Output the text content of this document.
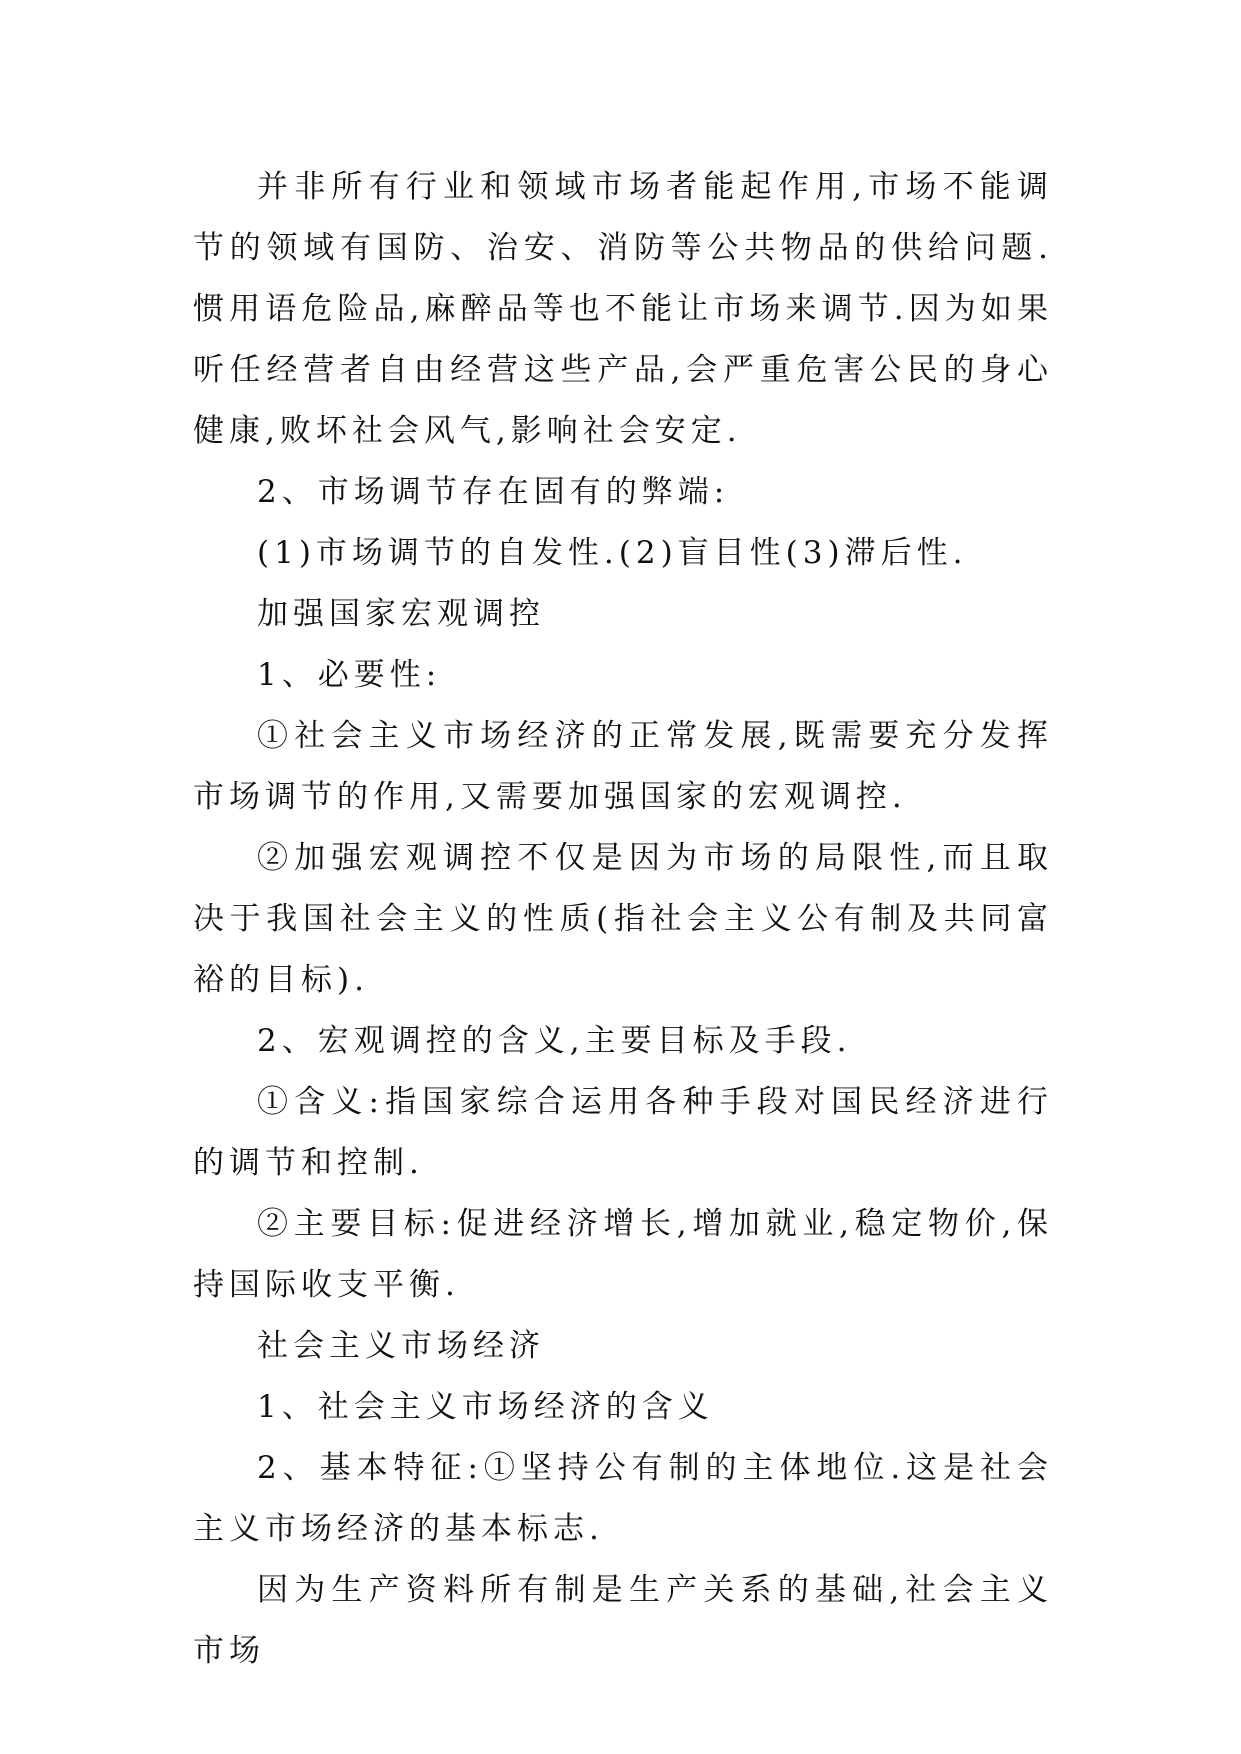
并非所有行业和领域市场者能起作用,市场不能调节的领域有国防、治安、消防等公共物品的供给问题.惯用语危险品,麻醉品等也不能让市场来调节.因为如果听任经营者自由经营这些产品,会严重危害公民的身心健康,败坏社会风气,影响社会安定.

2、市场调节存在固有的弊端:

(1)市场调节的自发性.(2)盲目性(3)滞后性.

加强国家宏观调控

1、必要性:

①社会主义市场经济的正常发展,既需要充分发挥市场调节的作用,又需要加强国家的宏观调控.

②加强宏观调控不仅是因为市场的局限性,而且取决于我国社会主义的性质(指社会主义公有制及共同富裕的目标).

2、宏观调控的含义,主要目标及手段.

①含义:指国家综合运用各种手段对国民经济进行的调节和控制.

②主要目标:促进经济增长,增加就业,稳定物价,保持国际收支平衡.

社会主义市场经济

1、社会主义市场经济的含义

2、基本特征:①坚持公有制的主体地位.这是社会主义市场经济的基本标志.

因为生产资料所有制是生产关系的基础,社会主义市场
